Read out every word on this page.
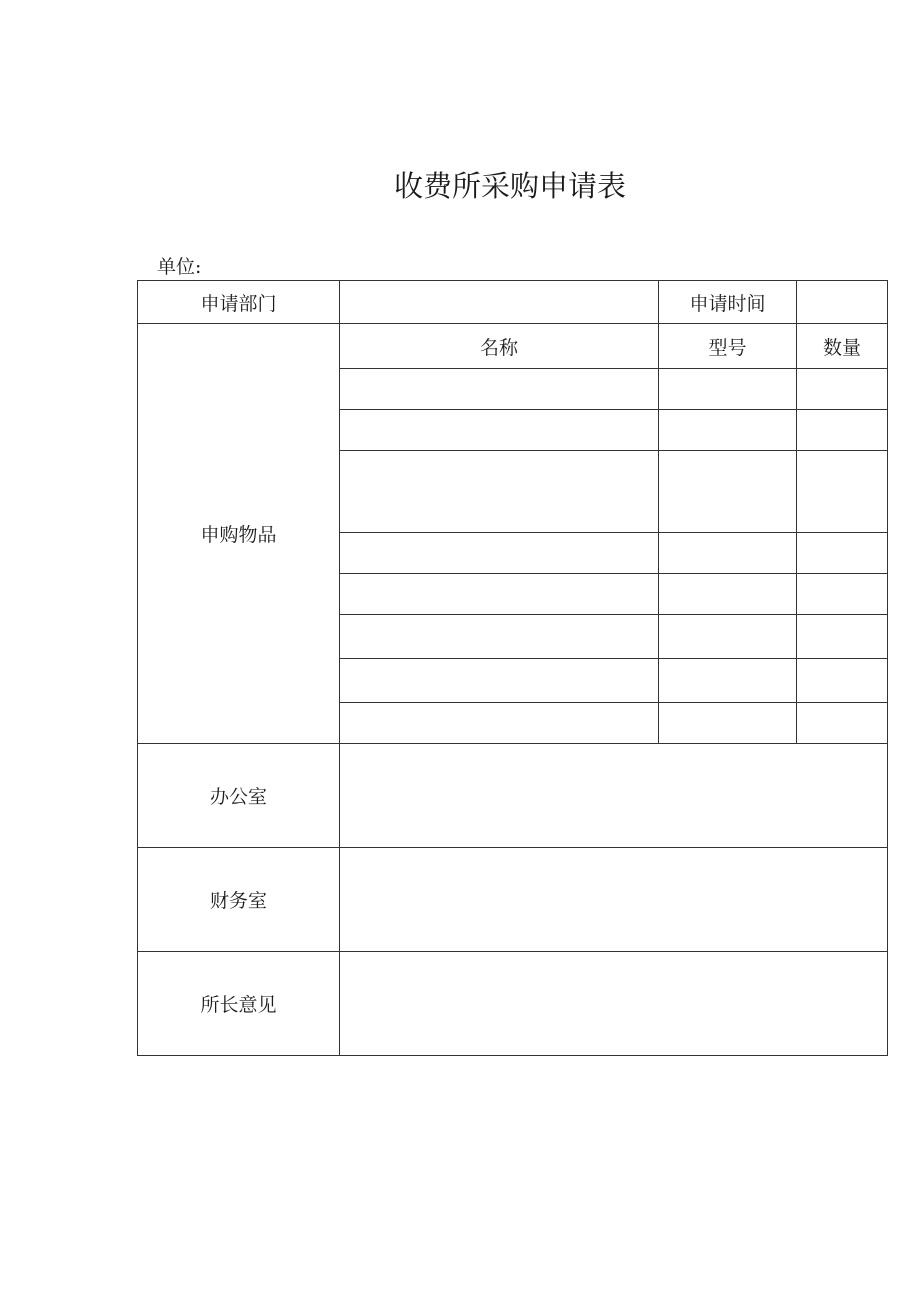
收费所采购申请表
单位:
申请部门		申请时间	
申购物品	名称	型号	数量

办公室			
财务室			
所长意见			
